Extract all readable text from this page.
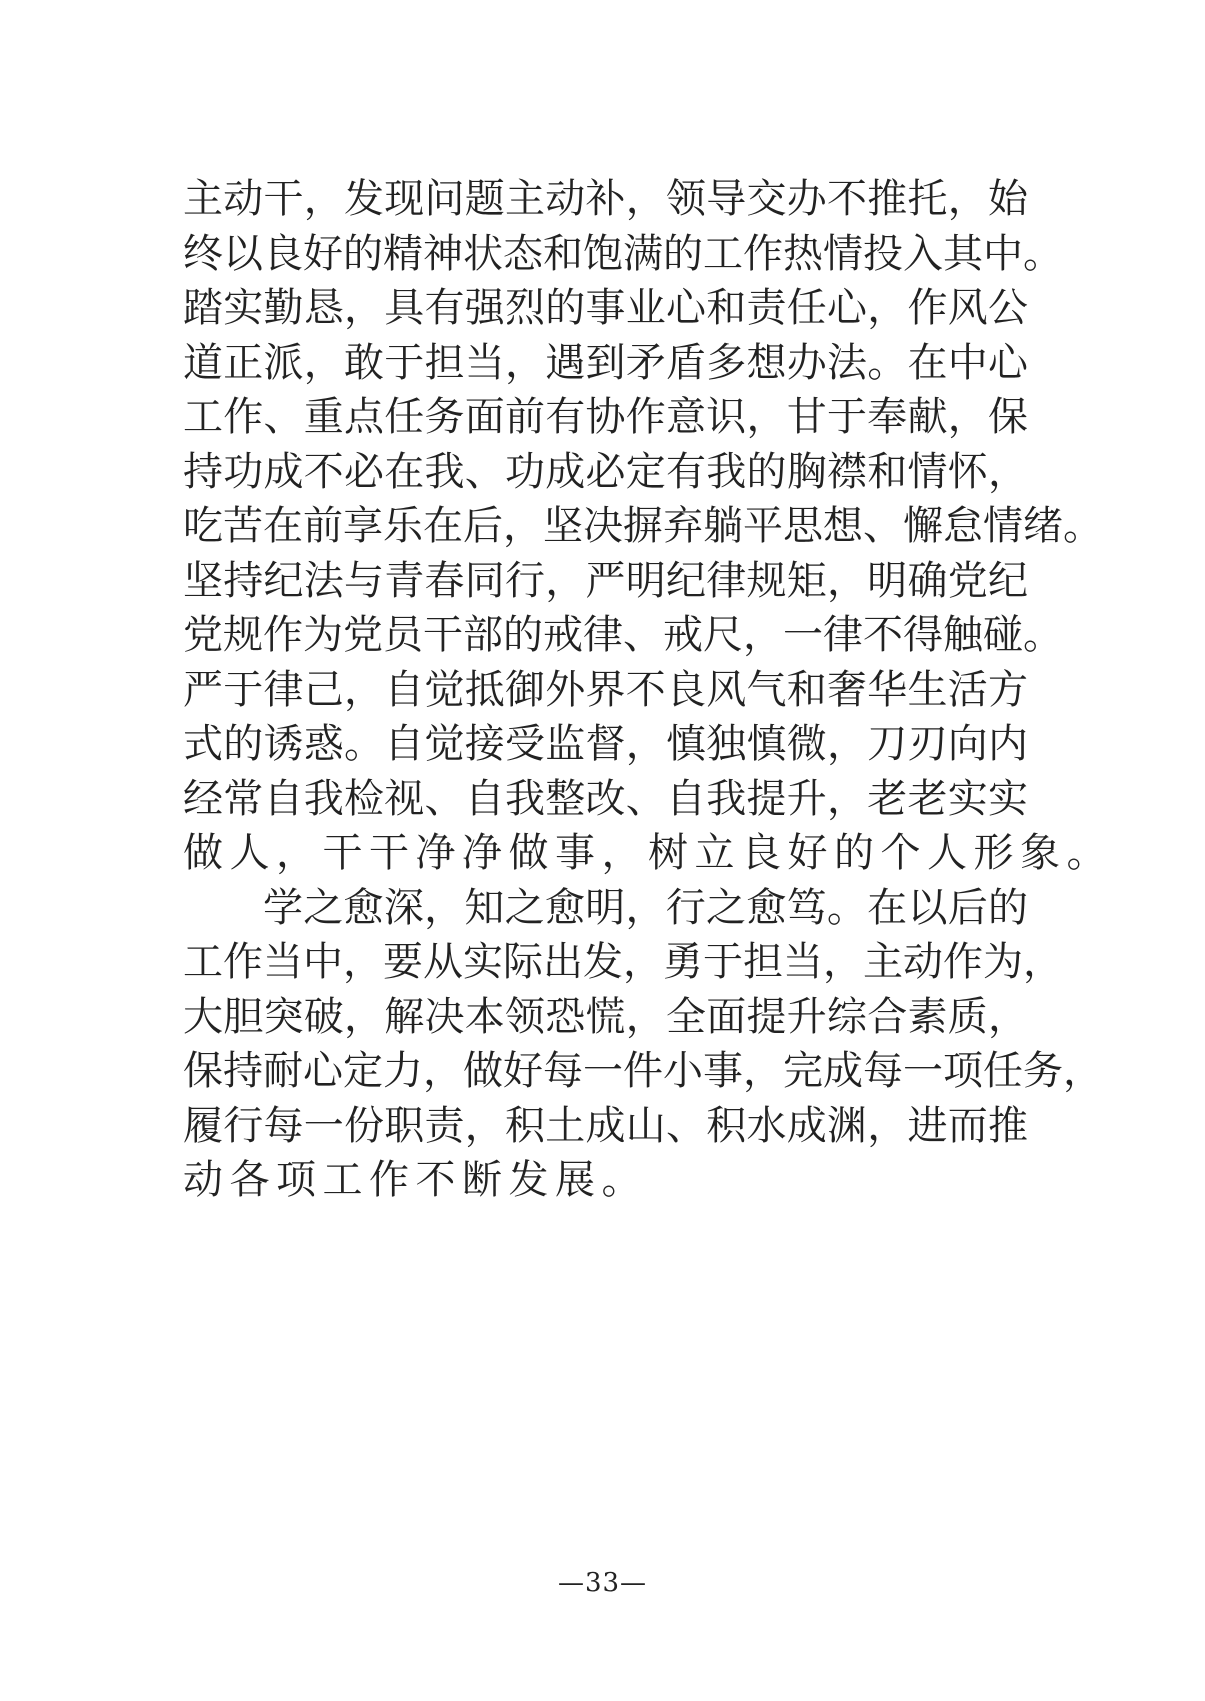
主动干，发现问题主动补，领导交办不推托，始
终以良好的精神状态和饱满的工作热情投入其中。
踏实勤恳，具有强烈的事业心和责任心，作风公
道正派，敢于担当，遇到矛盾多想办法。在中心
工作、重点任务面前有协作意识，甘于奉献，保
持功成不必在我、功成必定有我的胸襟和情怀，
吃苦在前享乐在后，坚决摒弃躺平思想、懈怠情绪。
坚持纪法与青春同行，严明纪律规矩，明确党纪
党规作为党员干部的戒律、戒尺，一律不得触碰。
严于律己，自觉抵御外界不良风气和奢华生活方
式的诱惑。自觉接受监督，慎独慎微，刀刃向内
经常自我检视、自我整改、自我提升，老老实实
做人，干干净净做事，树立良好的个人形象。
学之愈深，知之愈明，行之愈笃。在以后的
工作当中，要从实际出发，勇于担当，主动作为，
大胆突破，解决本领恐慌，全面提升综合素质，
保持耐心定力，做好每一件小事，完成每一项任务，
履行每一份职责，积土成山、积水成渊，进而推
动各项工作不断发展。
—33—
